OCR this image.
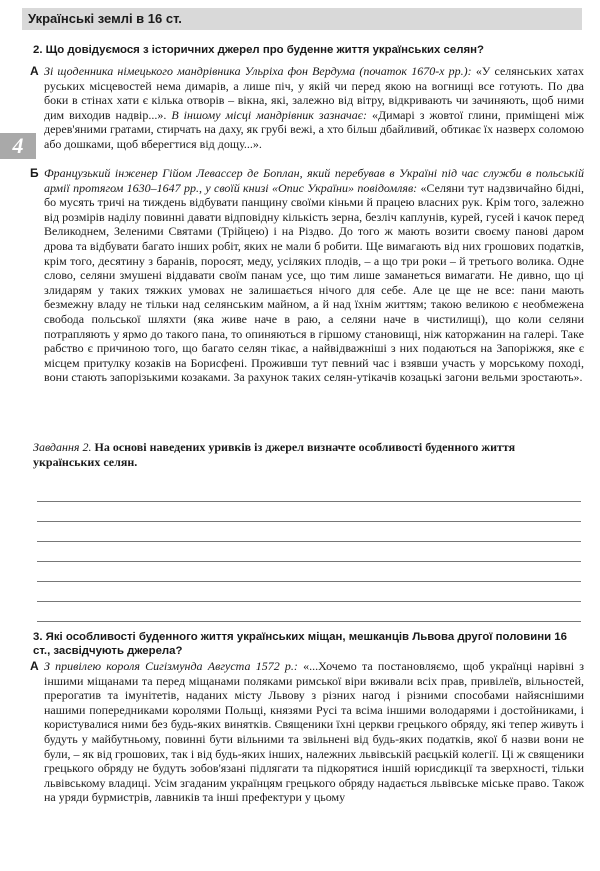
Українські землі в 16 ст.
4
2. Що довідуємося з історичних джерел про буденне життя українських селян?
А Зі щоденника німецького мандрівника Ульріха фон Вердума (початок 1670-х рр.): «У селянських хатах руських місцевостей нема димарів, а лише піч, у якій чи перед якою на вогнищі все готують. По два боки в стінах хати є кілька отворів – вікна, які, залежно від вітру, відкривають чи зачиняють, щоб ними дим виходив надвір...». В іншому місці мандрівник зазначає: «Димарі з жовтої глини, приміщені між дерев'яними гратами, стирчать на даху, як грубі вежі, а хто більш дбайливий, обтикає їх назверх соломою або дошками, щоб вберегтися від дощу...».
Б Французький інженер Гійом Левассер де Боплан, який перебував в Україні під час служби в польській армії протягом 1630–1647 рр., у своїй книзі «Опис України» повідомляв: «Селяни тут надзвичайно бідні, бо мусять тричі на тиждень відбувати панщину своїми кіньми й працею власних рук. Крім того, залежно від розмірів наділу повинні давати відповідну кількість зерна, безліч каплунів, курей, гусей і качок перед Великоднем, Зеленими Святами (Трійцею) і на Різдво. До того ж мають возити своєму панові даром дрова та відбувати багато інших робіт, яких не мали б робити. Ще вимагають від них грошових податків, крім того, десятину з баранів, поросят, меду, усіляких плодів, – а що три роки – й третього волика. Одне слово, селяни змушені віддавати своїм панам усе, що тим лише заманеться вимагати. Не дивно, що ці злидарям у таких тяжких умовах не залишається нічого для себе. Але це ще не все: пани мають безмежну владу не тільки над селянським майном, а й над їхнім життям; такою великою є необмежена свобода польської шляхти (яка живе наче в раю, а селяни наче в чистилищі), що коли селяни потрапляють у ярмо до такого пана, то опиняються в гіршому становищі, ніж каторжанин на галері. Таке рабство є причиною того, що багато селян тікає, а найвідважніші з них подаються на Запоріжжя, яке є місцем притулку козаків на Борисфені. Проживши тут певний час і взявши участь у морському поході, вони стають запорізькими козаками. За рахунок таких селян-утікачів козацькі загони вельми зростають».
Завдання 2. На основі наведених уривків із джерел визначте особливості буденного життя українських селян.
3. Які особливості буденного життя українських міщан, мешканців Львова другої половини 16 ст., засвідчують джерела?
А З привілею короля Сигізмунда Августа 1572 р.: «...Хочемо та постановляємо, щоб українці нарівні з іншими міщанами та перед міщанами поляками римської віри вживали всіх прав, привілеїв, вільностей, прерогатив та імунітетів, наданих місту Львову з різних нагод і різними способами найяснішими нашими попередниками королями Польщі, князями Русі та всіма іншими володарями і достойниками, і користувалися ними без будь-яких винятків. Священики їхні церкви грецького обряду, які тепер живуть і будуть у майбутньому, повинні бути вільними та звільнені від будь-яких податків, якої б назви вони не були, – як від грошових, так і від будь-яких інших, належних львівській раєцькій колегії. Ці ж священики грецького обряду не будуть зобов'язані підлягати та підкорятися іншій юрисдикції та зверхності, тільки львівському владиці. Усім згаданим українцям грецького обряду надається львівське міське право. Також на уряди бурмистрів, лавників та інші префектури у цьому
